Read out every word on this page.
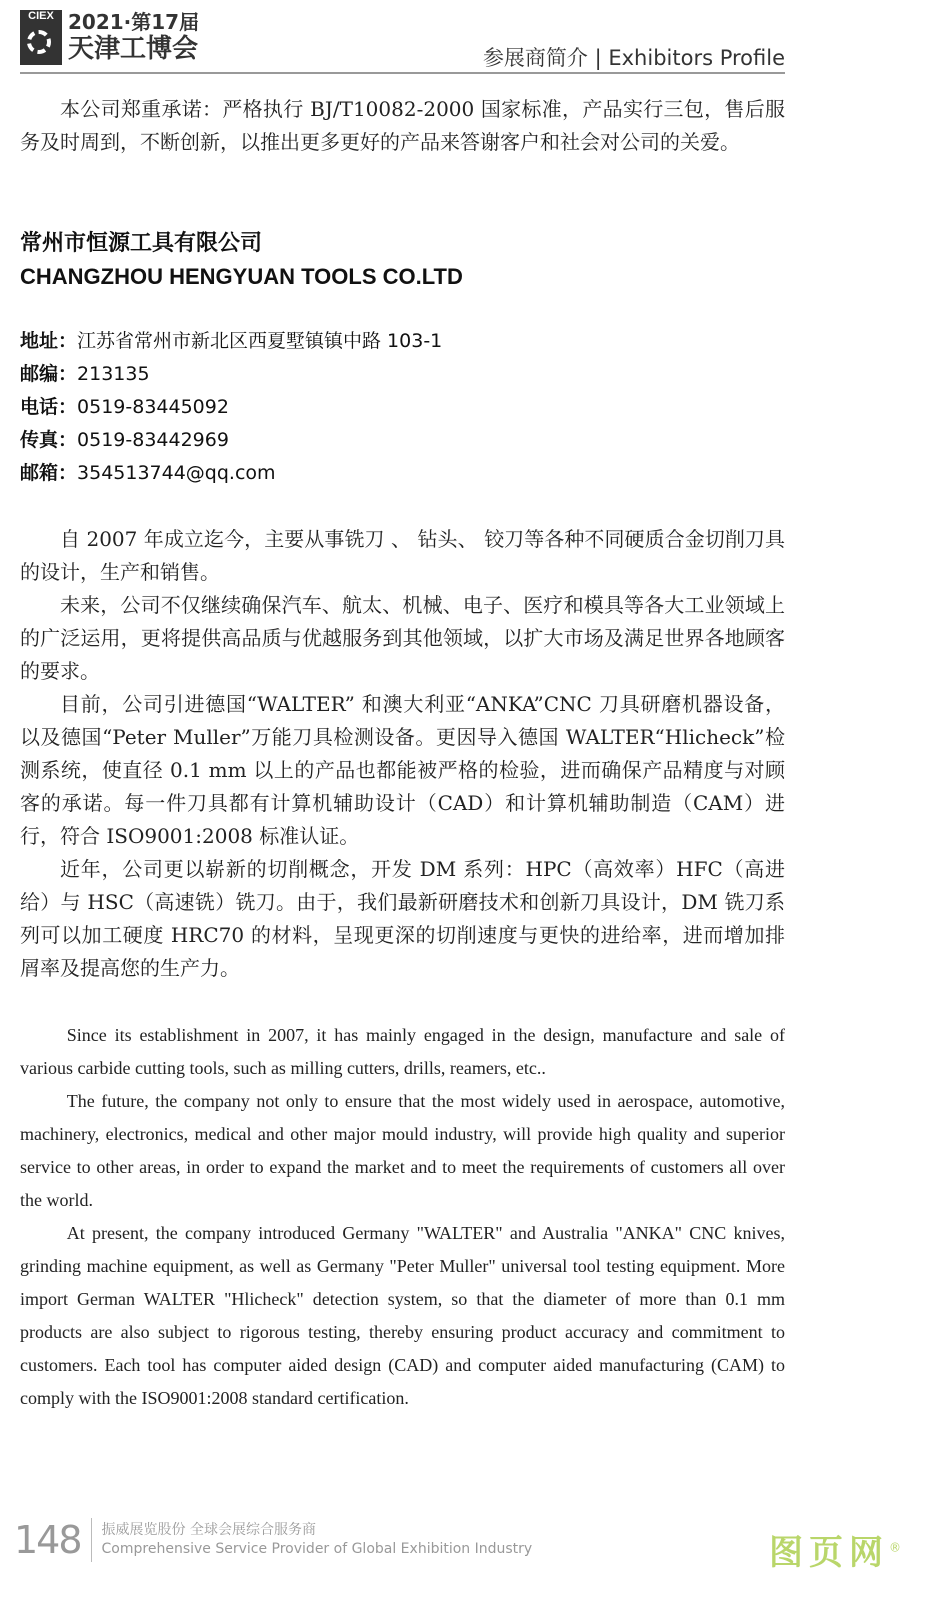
CIEX 2021·第17届
天津工博会	参展商简介 | Exhibitors Profile

本公司郑重承诺：严格执行 BJ/T10082-2000 国家标准，产品实行三包，售后服务及时周到，不断创新，以推出更多更好的产品来答谢客户和社会对公司的关爱。

常州市恒源工具有限公司
CHANGZHOU HENGYUAN TOOLS CO.LTD
地址：江苏省常州市新北区西夏墅镇镇中路 103-1
邮编：213135
电话：0519-83445092
传真：0519-83442969
邮箱：354513744@qq.com

自 2007 年成立迄今，主要从事铣刀 、 钻头、 铰刀等各种不同硬质合金切削刀具的设计，生产和销售。

未来，公司不仅继续确保汽车、航太、机械、电子、医疗和模具等各大工业领域上的广泛运用，更将提供高品质与优越服务到其他领域，以扩大市场及满足世界各地顾客的要求。

目前，公司引进德国“WALTER” 和澳大利亚“ANKA”CNC 刀具研磨机器设备，以及德国“Peter Muller”万能刀具检测设备。更因导入德国 WALTER“Hlicheck”检测系统，使直径 0.1 mm 以上的产品也都能被严格的检验，进而确保产品精度与对顾客的承诺。每一件刀具都有计算机辅助设计（CAD）和计算机辅助制造（CAM）进行，符合 ISO9001:2008 标准认证。

近年，公司更以崭新的切削概念，开发 DM 系列：HPC（高效率）HFC（高进给）与 HSC（高速铣）铣刀。由于，我们最新研磨技术和创新刀具设计，DM 铣刀系列可以加工硬度 HRC70 的材料，呈现更深的切削速度与更快的进给率，进而增加排屑率及提高您的生产力。

Since its establishment in 2007, it has mainly engaged in the design, manufacture and sale of various carbide cutting tools, such as milling cutters, drills, reamers, etc..

The future, the company not only to ensure that the most widely used in aerospace, automotive, machinery, electronics, medical and other major mould industry, will provide high quality and superior service to other areas, in order to expand the market and to meet the requirements of customers all over the world.

At present, the company introduced Germany "WALTER" and Australia "ANKA" CNC knives, grinding machine equipment, as well as Germany "Peter Muller" universal tool testing equipment. More import German WALTER "Hlicheck" detection system, so that the diameter of more than 0.1 mm products are also subject to rigorous testing, thereby ensuring product accuracy and commitment to customers. Each tool has computer aided design (CAD) and computer aided manufacturing (CAM) to comply with the ISO9001:2008 standard certification.

148	振威展览股份 全球会展综合服务商
Comprehensive Service Provider of Global Exhibition Industry	图页网®
